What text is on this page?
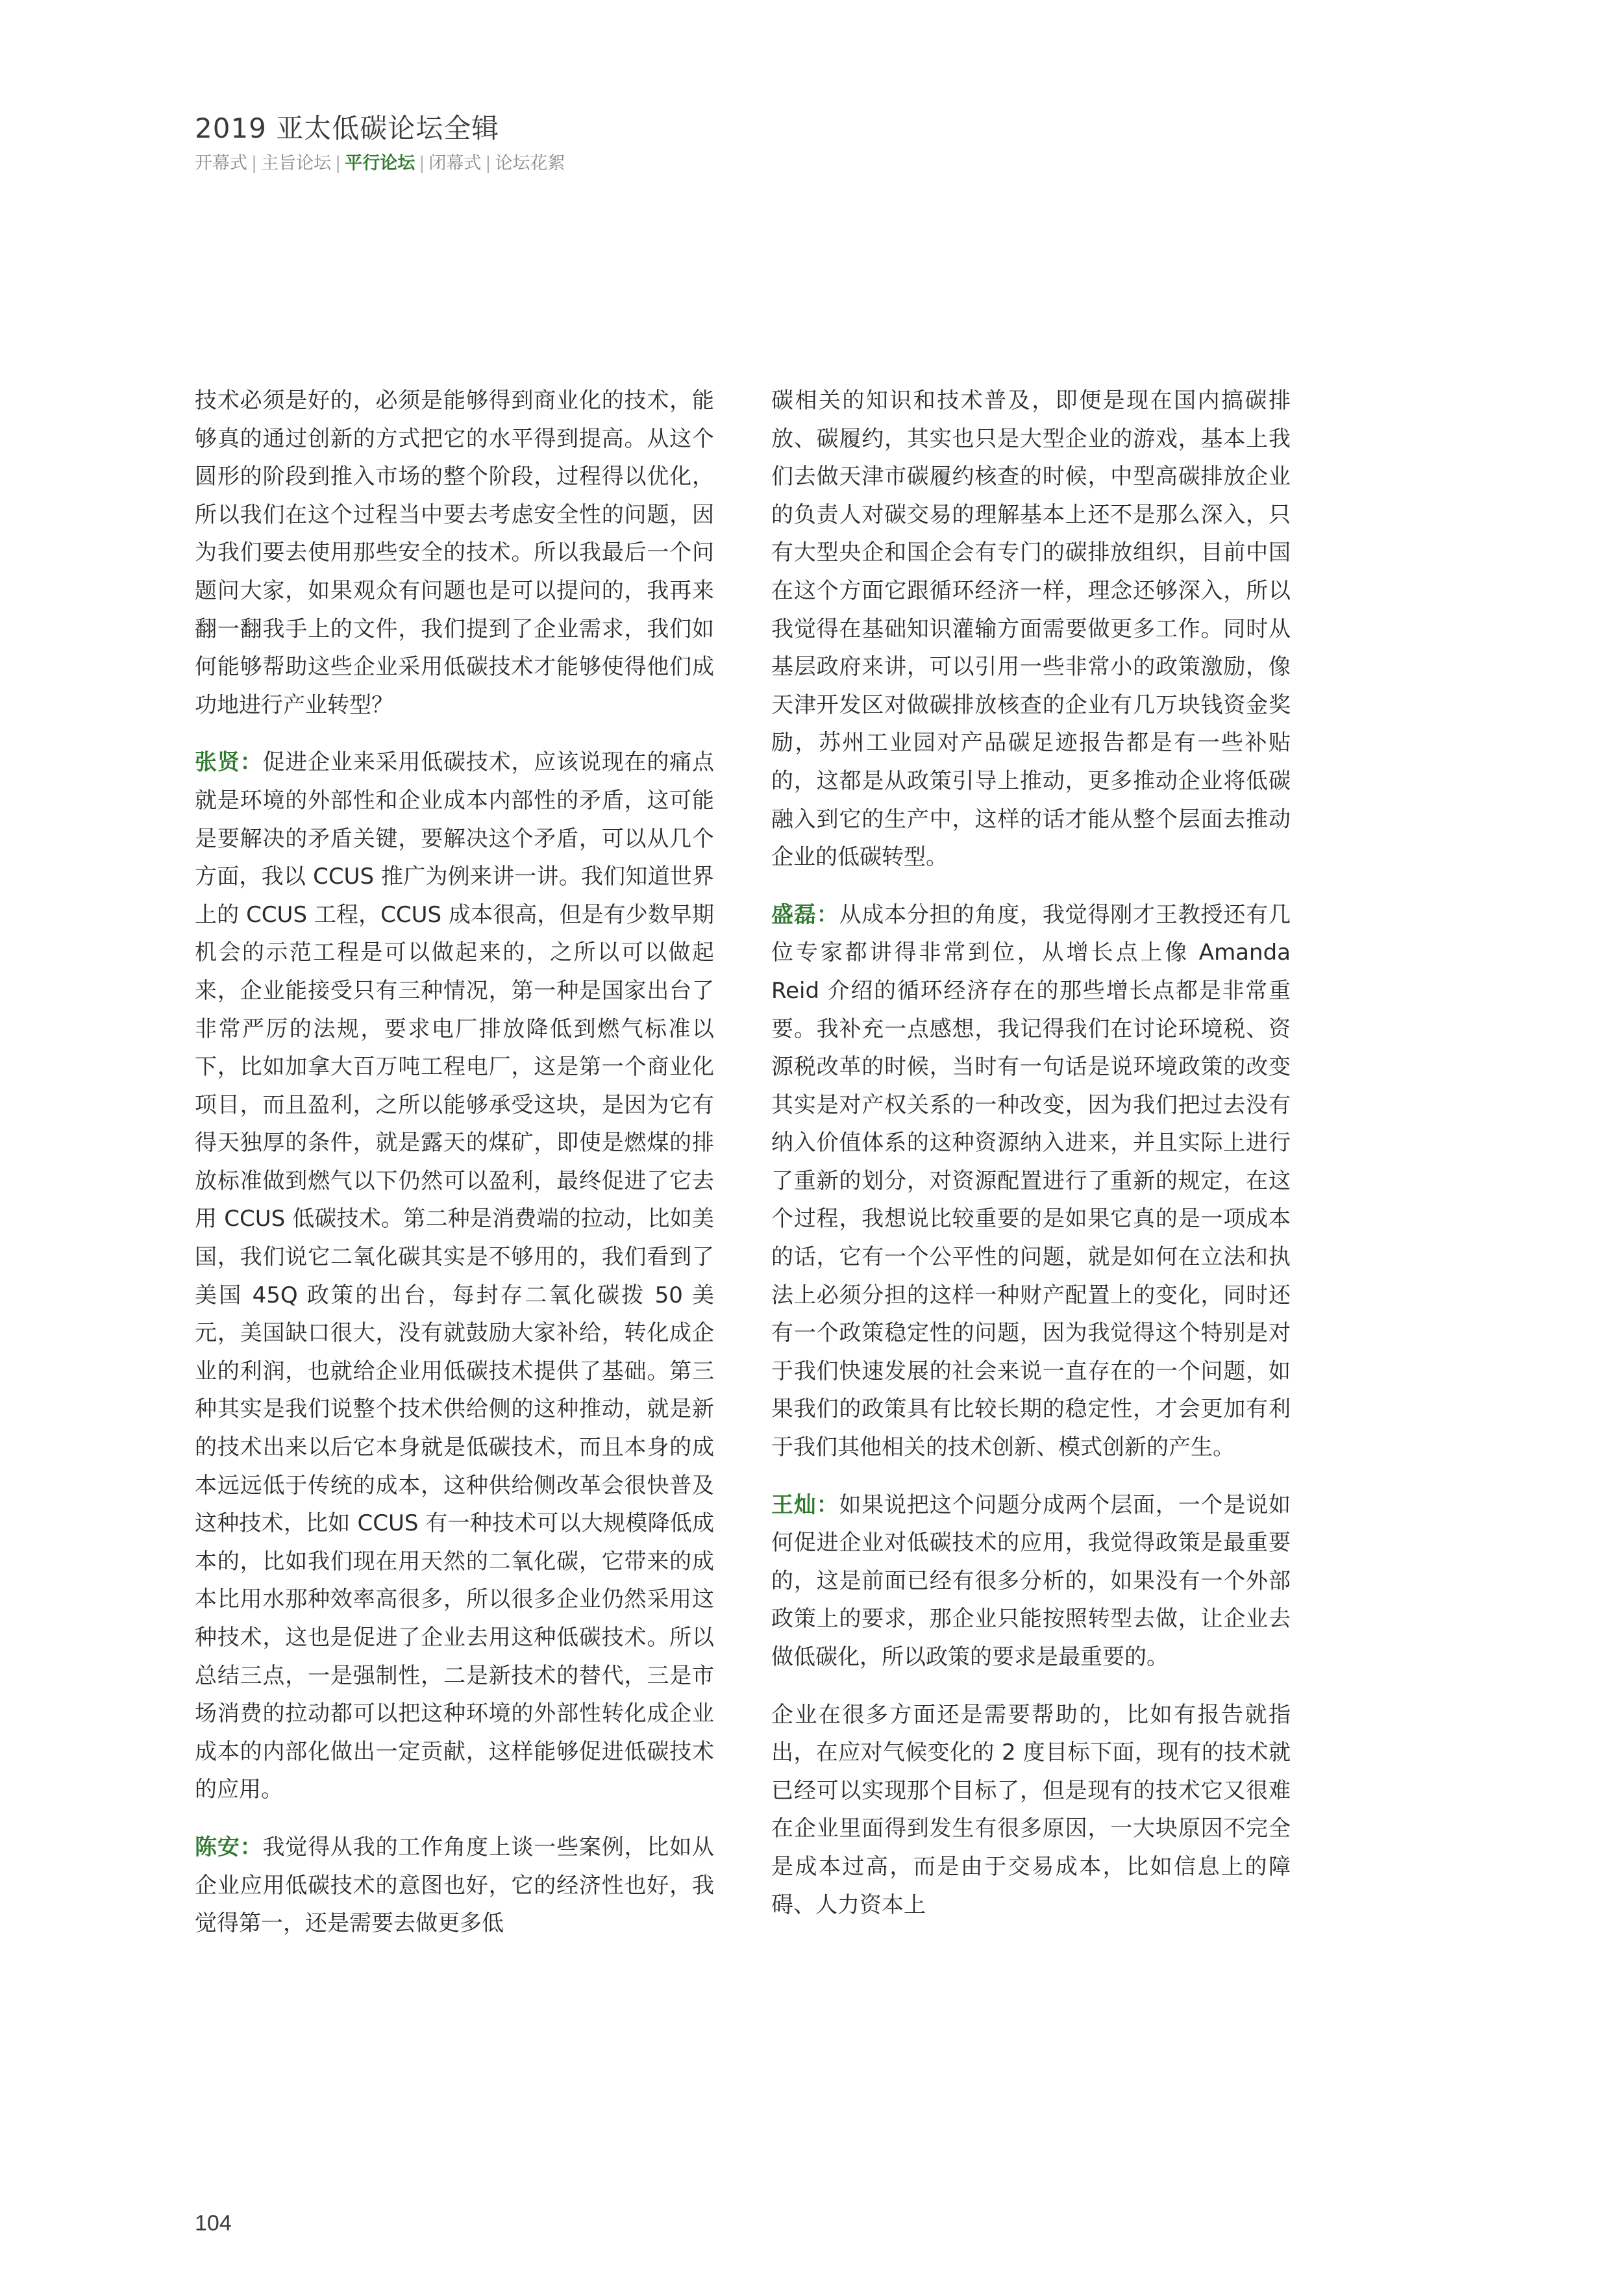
2019 亚太低碳论坛全辑
开幕式 | 主旨论坛 | 平行论坛 | 闭幕式 | 论坛花絮

技术必须是好的，必须是能够得到商业化的技术，能够真的通过创新的方式把它的水平得到提高。从这个圆形的阶段到推入市场的整个阶段，过程得以优化，所以我们在这个过程当中要去考虑安全性的问题，因为我们要去使用那些安全的技术。所以我最后一个问题问大家，如果观众有问题也是可以提问的，我再来翻一翻我手上的文件，我们提到了企业需求，我们如何能够帮助这些企业采用低碳技术才能够使得他们成功地进行产业转型？

张贤：促进企业来采用低碳技术，应该说现在的痛点就是环境的外部性和企业成本内部性的矛盾，这可能是要解决的矛盾关键，要解决这个矛盾，可以从几个方面，我以 CCUS 推广为例来讲一讲。我们知道世界上的 CCUS 工程，CCUS 成本很高，但是有少数早期机会的示范工程是可以做起来的，之所以可以做起来，企业能接受只有三种情况，第一种是国家出台了非常严厉的法规，要求电厂排放降低到燃气标准以下，比如加拿大百万吨工程电厂，这是第一个商业化项目，而且盈利，之所以能够承受这块，是因为它有得天独厚的条件，就是露天的煤矿，即使是燃煤的排放标准做到燃气以下仍然可以盈利，最终促进了它去用 CCUS 低碳技术。第二种是消费端的拉动，比如美国，我们说它二氧化碳其实是不够用的，我们看到了美国 45Q 政策的出台，每封存二氧化碳拨 50 美元，美国缺口很大，没有就鼓励大家补给，转化成企业的利润，也就给企业用低碳技术提供了基础。第三种其实是我们说整个技术供给侧的这种推动，就是新的技术出来以后它本身就是低碳技术，而且本身的成本远远低于传统的成本，这种供给侧改革会很快普及这种技术，比如 CCUS 有一种技术可以大规模降低成本的，比如我们现在用天然的二氧化碳，它带来的成本比用水那种效率高很多，所以很多企业仍然采用这种技术，这也是促进了企业去用这种低碳技术。所以总结三点，一是强制性，二是新技术的替代，三是市场消费的拉动都可以把这种环境的外部性转化成企业成本的内部化做出一定贡献，这样能够促进低碳技术的应用。

陈安：我觉得从我的工作角度上谈一些案例，比如从企业应用低碳技术的意图也好，它的经济性也好，我觉得第一，还是需要去做更多低

碳相关的知识和技术普及，即便是现在国内搞碳排放、碳履约，其实也只是大型企业的游戏，基本上我们去做天津市碳履约核查的时候，中型高碳排放企业的负责人对碳交易的理解基本上还不是那么深入，只有大型央企和国企会有专门的碳排放组织，目前中国在这个方面它跟循环经济一样，理念还够深入，所以我觉得在基础知识灌输方面需要做更多工作。同时从基层政府来讲，可以引用一些非常小的政策激励，像天津开发区对做碳排放核查的企业有几万块钱资金奖励，苏州工业园对产品碳足迹报告都是有一些补贴的，这都是从政策引导上推动，更多推动企业将低碳融入到它的生产中，这样的话才能从整个层面去推动企业的低碳转型。

盛磊：从成本分担的角度，我觉得刚才王教授还有几位专家都讲得非常到位，从增长点上像 Amanda Reid 介绍的循环经济存在的那些增长点都是非常重要。我补充一点感想，我记得我们在讨论环境税、资源税改革的时候，当时有一句话是说环境政策的改变其实是对产权关系的一种改变，因为我们把过去没有纳入价值体系的这种资源纳入进来，并且实际上进行了重新的划分，对资源配置进行了重新的规定，在这个过程，我想说比较重要的是如果它真的是一项成本的话，它有一个公平性的问题，就是如何在立法和执法上必须分担的这样一种财产配置上的变化，同时还有一个政策稳定性的问题，因为我觉得这个特别是对于我们快速发展的社会来说一直存在的一个问题，如果我们的政策具有比较长期的稳定性，才会更加有利于我们其他相关的技术创新、模式创新的产生。

王灿：如果说把这个问题分成两个层面，一个是说如何促进企业对低碳技术的应用，我觉得政策是最重要的，这是前面已经有很多分析的，如果没有一个外部政策上的要求，那企业只能按照转型去做，让企业去做低碳化，所以政策的要求是最重要的。

企业在很多方面还是需要帮助的，比如有报告就指出，在应对气候变化的 2 度目标下面，现有的技术就已经可以实现那个目标了，但是现有的技术它又很难在企业里面得到发生有很多原因，一大块原因不完全是成本过高，而是由于交易成本，比如信息上的障碍、人力资本上

104
